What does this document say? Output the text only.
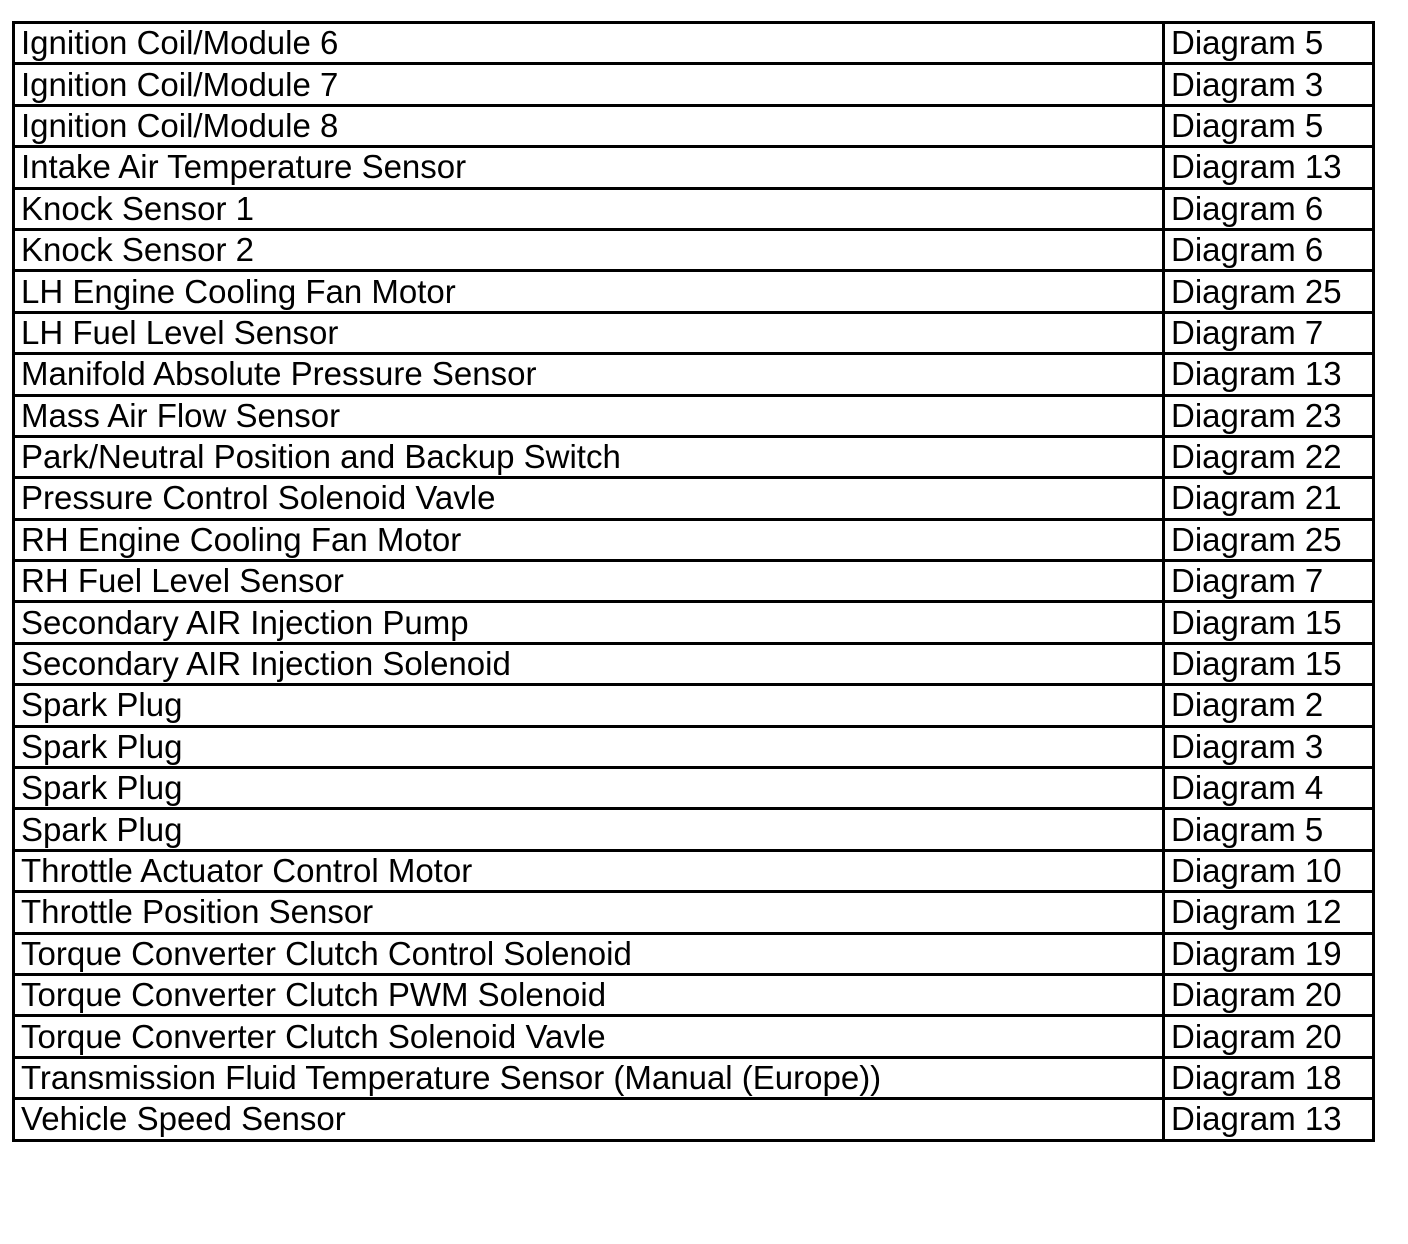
Ignition Coil/Module 6	Diagram 5
Ignition Coil/Module 7	Diagram 3
Ignition Coil/Module 8	Diagram 5
Intake Air Temperature Sensor	Diagram 13
Knock Sensor 1	Diagram 6
Knock Sensor 2	Diagram 6
LH Engine Cooling Fan Motor	Diagram 25
LH Fuel Level Sensor	Diagram 7
Manifold Absolute Pressure Sensor	Diagram 13
Mass Air Flow Sensor	Diagram 23
Park/Neutral Position and Backup Switch	Diagram 22
Pressure Control Solenoid Vavle	Diagram 21
RH Engine Cooling Fan Motor	Diagram 25
RH Fuel Level Sensor	Diagram 7
Secondary AIR Injection Pump	Diagram 15
Secondary AIR Injection Solenoid	Diagram 15
Spark Plug	Diagram 2
Spark Plug	Diagram 3
Spark Plug	Diagram 4
Spark Plug	Diagram 5
Throttle Actuator Control Motor	Diagram 10
Throttle Position Sensor	Diagram 12
Torque Converter Clutch Control Solenoid	Diagram 19
Torque Converter Clutch PWM Solenoid	Diagram 20
Torque Converter Clutch Solenoid Vavle	Diagram 20
Transmission Fluid Temperature Sensor (Manual (Europe))	Diagram 18
Vehicle Speed Sensor	Diagram 13
